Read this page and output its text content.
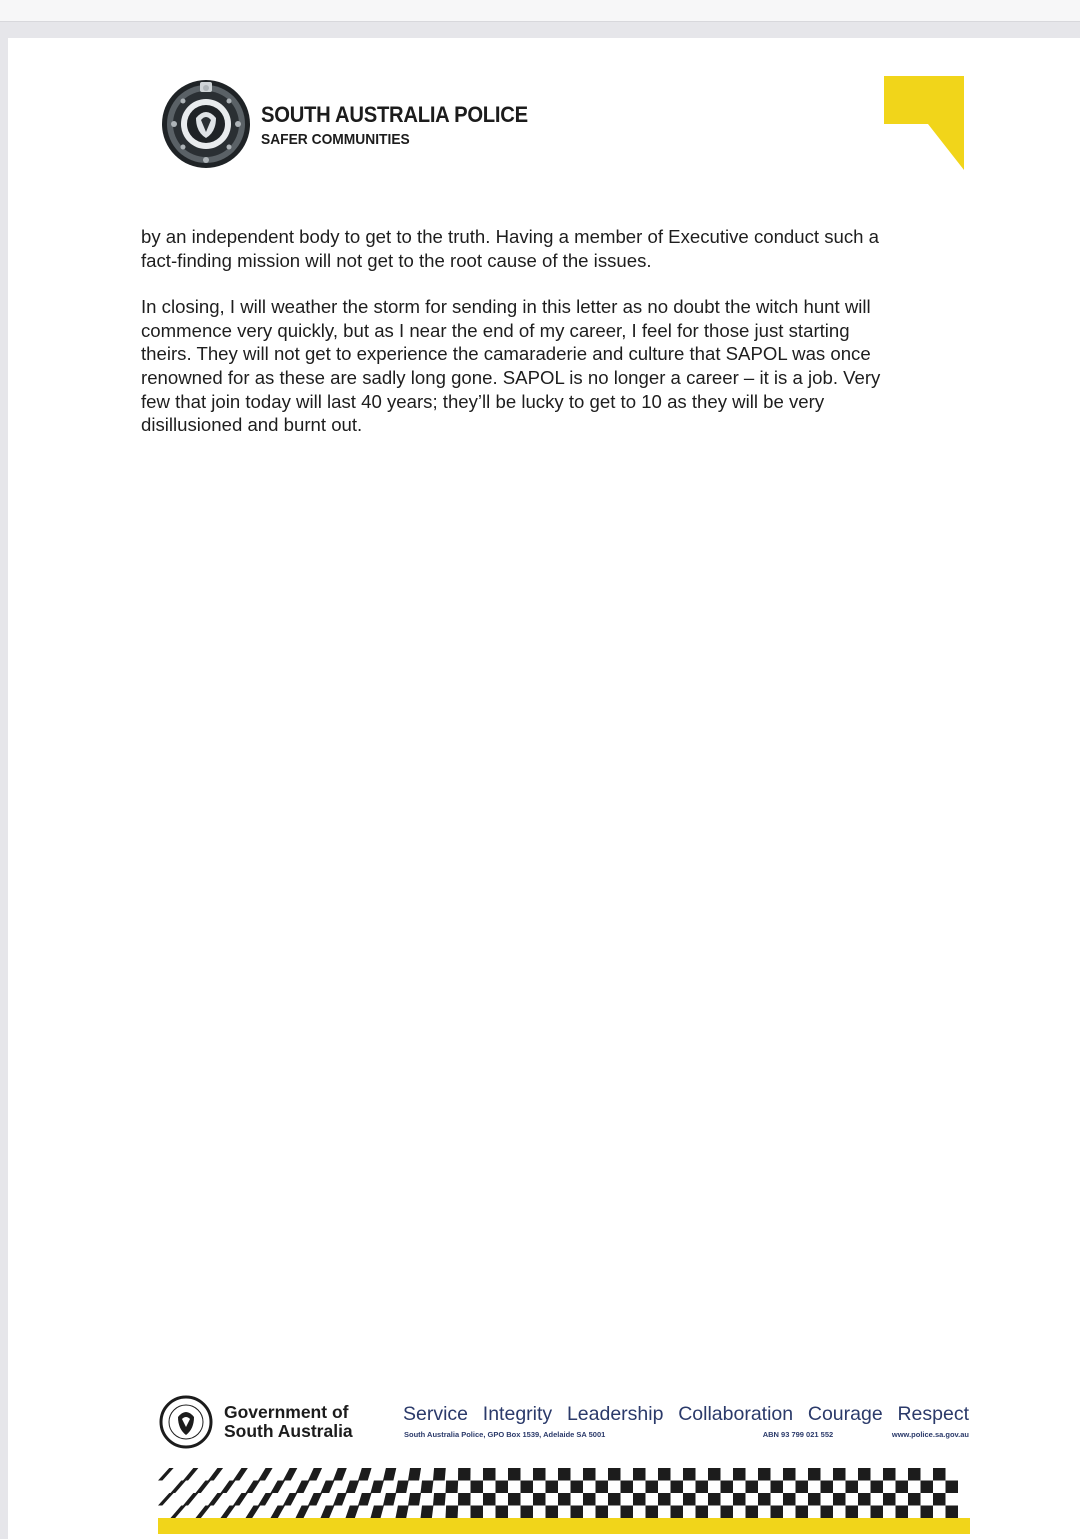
SOUTH AUSTRALIA POLICE
SAFER COMMUNITIES

by an independent body to get to the truth. Having a member of Executive conduct such a
fact-finding mission will not get to the root cause of the issues.

In closing, I will weather the storm for sending in this letter as no doubt the witch hunt will
commence very quickly, but as I near the end of my career, I feel for those just starting
theirs. They will not get to experience the camaraderie and culture that SAPOL was once
renowned for as these are sadly long gone. SAPOL is no longer a career – it is a job. Very
few that join today will last 40 years; they’ll be lucky to get to 10 as they will be very
disillusioned and burnt out.

Government of
South Australia
Service Integrity Leadership Collaboration Courage Respect
South Australia Police, GPO Box 1539, Adelaide SA 5001	ABN 93 799 021 552	www.police.sa.gov.au
